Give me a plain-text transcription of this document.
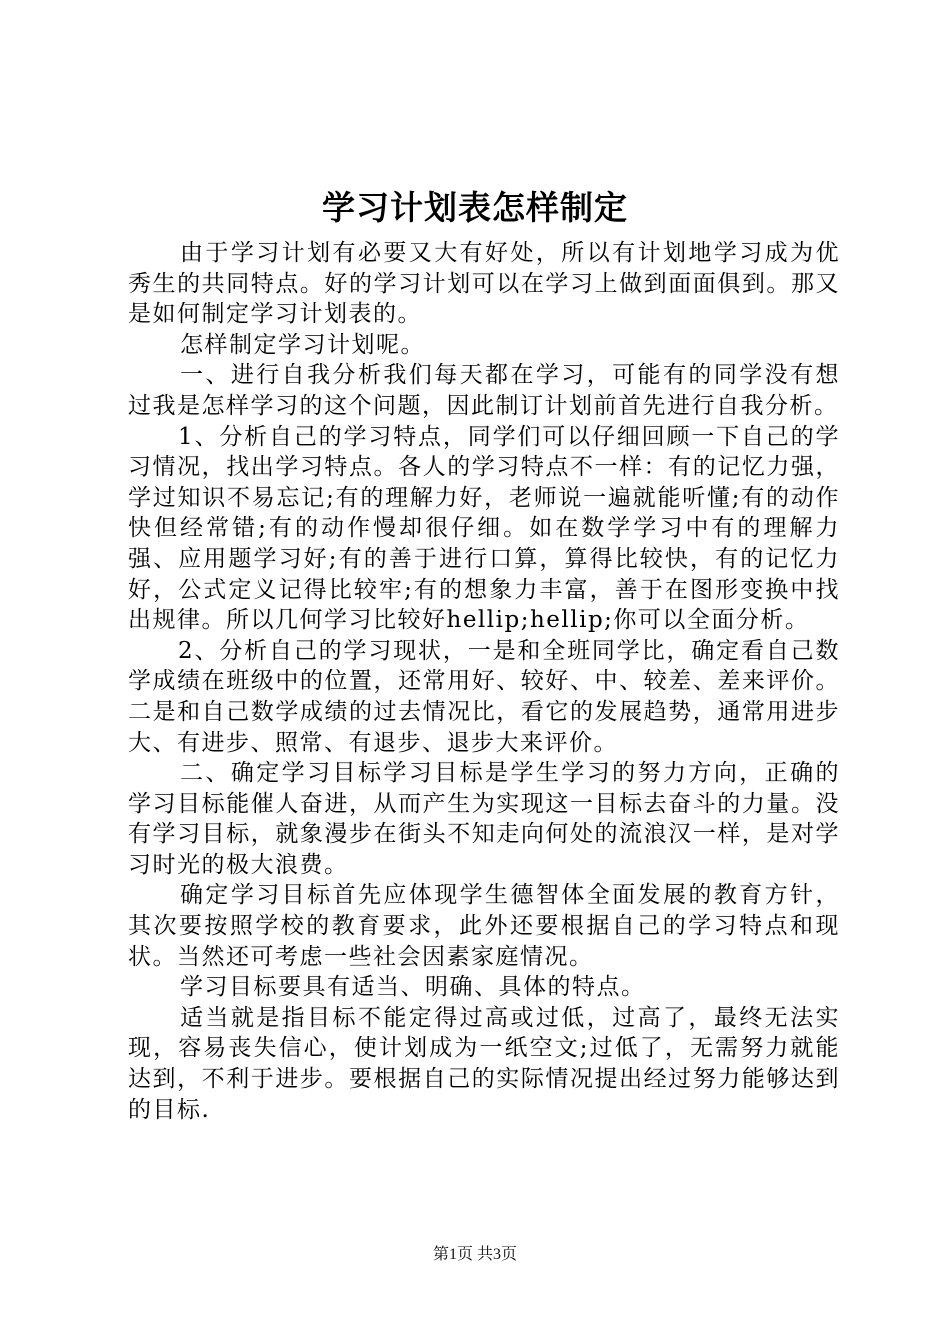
学习计划表怎样制定

由于学习计划有必要又大有好处，所以有计划地学习成为优秀生的共同特点。好的学习计划可以在学习上做到面面俱到。那又是如何制定学习计划表的。

怎样制定学习计划呢。

一、进行自我分析我们每天都在学习，可能有的同学没有想过我是怎样学习的这个问题，因此制订计划前首先进行自我分析。

1、分析自己的学习特点，同学们可以仔细回顾一下自己的学习情况，找出学习特点。各人的学习特点不一样：有的记忆力强，学过知识不易忘记;有的理解力好，老师说一遍就能听懂;有的动作快但经常错;有的动作慢却很仔细。如在数学学习中有的理解力强、应用题学习好;有的善于进行口算，算得比较快，有的记忆力好，公式定义记得比较牢;有的想象力丰富，善于在图形变换中找出规律。所以几何学习比较好hellip;hellip;你可以全面分析。

2、分析自己的学习现状，一是和全班同学比，确定看自己数学成绩在班级中的位置，还常用好、较好、中、较差、差来评价。二是和自己数学成绩的过去情况比，看它的发展趋势，通常用进步大、有进步、照常、有退步、退步大来评价。

二、确定学习目标学习目标是学生学习的努力方向，正确的学习目标能催人奋进，从而产生为实现这一目标去奋斗的力量。没有学习目标，就象漫步在街头不知走向何处的流浪汉一样，是对学习时光的极大浪费。

确定学习目标首先应体现学生德智体全面发展的教育方针，其次要按照学校的教育要求，此外还要根据自己的学习特点和现状。当然还可考虑一些社会因素家庭情况。

学习目标要具有适当、明确、具体的特点。

适当就是指目标不能定得过高或过低，过高了，最终无法实现，容易丧失信心，使计划成为一纸空文;过低了，无需努力就能达到，不利于进步。要根据自己的实际情况提出经过努力能够达到的目标.

第1页 共3页
